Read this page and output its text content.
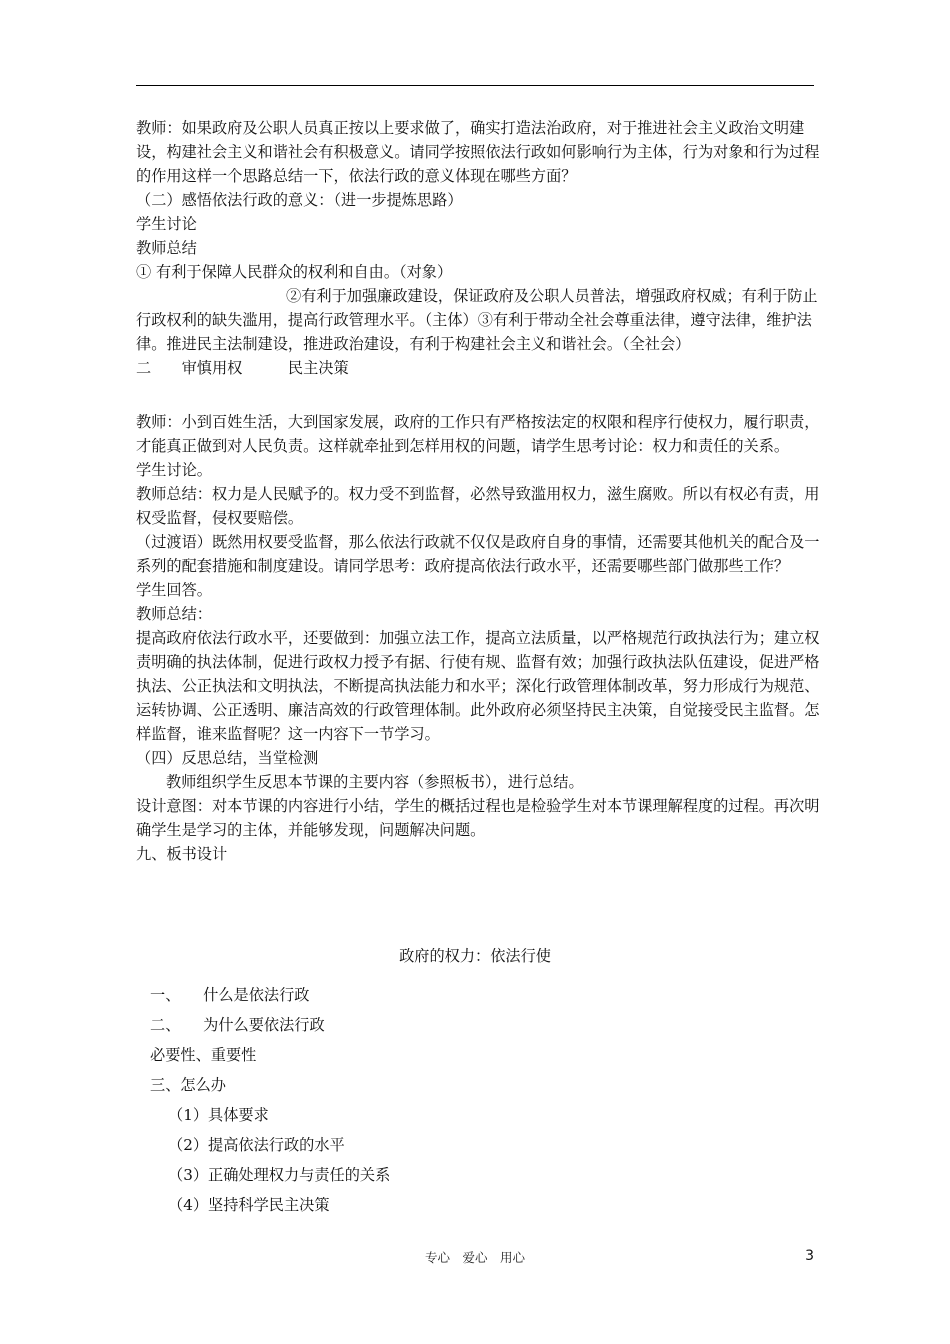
教师：如果政府及公职人员真正按以上要求做了，确实打造法治政府，对于推进社会主义政治文明建设，构建社会主义和谐社会有积极意义。请同学按照依法行政如何影响行为主体，行为对象和行为过程的作用这样一个思路总结一下，依法行政的意义体现在哪些方面？

（二）感悟依法行政的意义：（进一步提炼思路）

学生讨论

教师总结

① 有利于保障人民群众的权利和自由。（对象）

②有利于加强廉政建设，保证政府及公职人员普法，增强政府权威；有利于防止行政权利的缺失滥用，提高行政管理水平。（主体）③有利于带动全社会尊重法律，遵守法律，维护法律。推进民主法制建设，推进政治建设，有利于构建社会主义和谐社会。（全社会）

二　　审慎用权　　　民主决策

教师：小到百姓生活，大到国家发展，政府的工作只有严格按法定的权限和程序行使权力，履行职责，才能真正做到对人民负责。这样就牵扯到怎样用权的问题，请学生思考讨论：权力和责任的关系。

学生讨论。

教师总结：权力是人民赋予的。权力受不到监督，必然导致滥用权力，滋生腐败。所以有权必有责，用权受监督，侵权要赔偿。

（过渡语）既然用权要受监督，那么依法行政就不仅仅是政府自身的事情，还需要其他机关的配合及一系列的配套措施和制度建设。请同学思考：政府提高依法行政水平，还需要哪些部门做那些工作？

学生回答。

教师总结：

提高政府依法行政水平，还要做到：加强立法工作，提高立法质量，以严格规范行政执法行为；建立权责明确的执法体制，促进行政权力授予有据、行使有规、监督有效；加强行政执法队伍建设，促进严格执法、公正执法和文明执法，不断提高执法能力和水平；深化行政管理体制改革，努力形成行为规范、运转协调、公正透明、廉洁高效的行政管理体制。此外政府必须坚持民主决策，自觉接受民主监督。怎样监督，谁来监督呢？这一内容下一节学习。

（四）反思总结，当堂检测

教师组织学生反思本节课的主要内容（参照板书），进行总结。

设计意图：对本节课的内容进行小结，学生的概括过程也是检验学生对本节课理解程度的过程。再次明确学生是学习的主体，并能够发现，问题解决问题。

九、板书设计

政府的权力：依法行使
一、　　什么是依法行政
二、　　为什么要依法行政
必要性、重要性
三、怎么办
（1）具体要求
（2）提高依法行政的水平
（3）正确处理权力与责任的关系
（4）坚持科学民主决策
专心　爱心　用心	3
